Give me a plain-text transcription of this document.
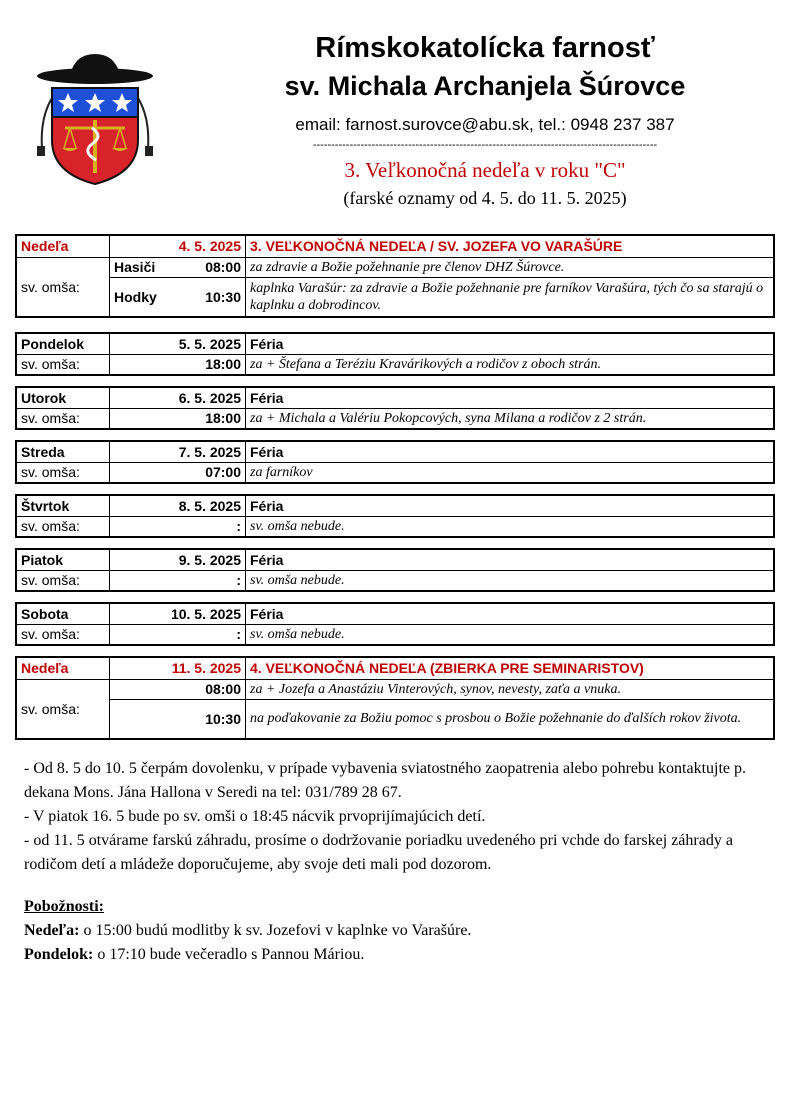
Rímskokatolícka farnosť
sv. Michala Archanjela Šúrovce
email: farnost.surovce@abu.sk, tel.: 0948 237 387
----------------------------------------------------------------------------------------------
3. Veľkonočná nedeľa v roku "C"
(farské oznamy od 4. 5. do 11. 5. 2025)
Nedeľa	4. 5. 2025	3. VEĽKONOČNÁ NEDEĽA / SV. JOZEFA VO VARAŠÚRE
sv. omša:	Hasiči 08:00	za zdravie a Božie požehnanie pre členov DHZ Šúrovce.

	Hodky 10:30	kaplnka Varašúr: za zdravie a Božie požehnanie pre farníkov Varašúra, tých čo sa starajú o kaplnku a dobrodincov.
Pondelok	5. 5. 2025	Féria
sv. omša:	18:00	za + Štefana a Teréziu Kravárikových a rodičov z oboch strán.
Utorok	6. 5. 2025	Féria
sv. omša:	18:00	za + Michala a Valériu Pokopcových, syna Milana a rodičov z 2 strán.
Streda	7. 5. 2025	Féria
sv. omša:	07:00	za farníkov
Štvrtok	8. 5. 2025	Féria
sv. omša:	:	sv. omša nebude.
Piatok	9. 5. 2025	Féria
sv. omša:	:	sv. omša nebude.
Sobota	10. 5. 2025	Féria
sv. omša:	:	sv. omša nebude.
Nedeľa	11. 5. 2025	4. VEĽKONOČNÁ NEDEĽA (ZBIERKA PRE SEMINARISTOV)
sv. omša:	08:00	za + Jozefa a Anastáziu Vinterových, synov, nevesty, zaťa a vnuka.
	10:30	na poďakovanie za Božiu pomoc s prosbou o Božie požehnanie do ďalších rokov života.

- Od 8. 5 do 10. 5 čerpám dovolenku, v prípade vybavenia sviatostného zaopatrenia alebo pohrebu kontaktujte p. dekana Mons. Jána Hallona v Seredi na tel: 031/789 28 67.

- V piatok 16. 5 bude po sv. omši o 18:45 nácvik prvoprijímajúcich detí.

- od 11. 5 otvárame farskú záhradu, prosíme o dodržovanie poriadku uvedeného pri vchde do farskej záhrady a rodičom detí a mládeže doporučujeme, aby svoje deti mali pod dozorom.

Pobožnosti:

Nedeľa: o 15:00 budú modlitby k sv. Jozefovi v kaplnke vo Varašúre.

Pondelok: o 17:10 bude večeradlo s Pannou Máriou.
